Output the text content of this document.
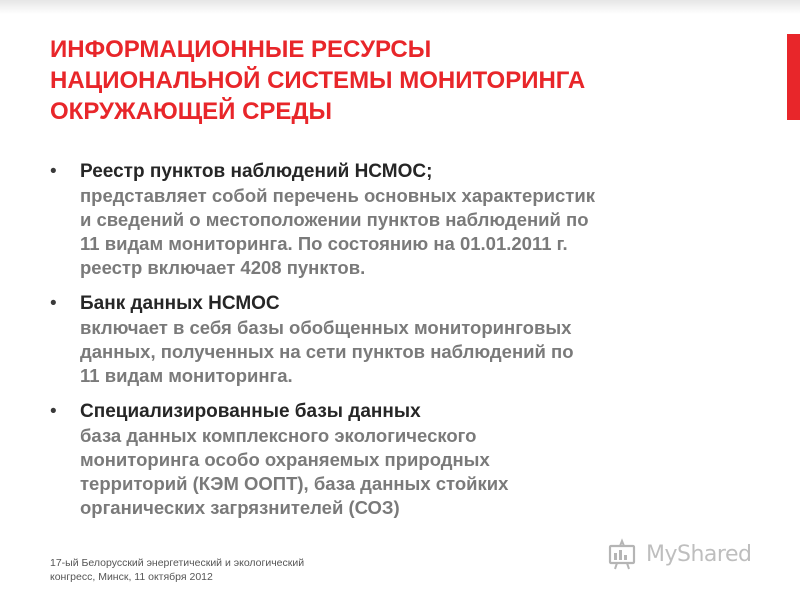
ИНФОРМАЦИОННЫЕ РЕСУРСЫ
НАЦИОНАЛЬНОЙ СИСТЕМЫ МОНИТОРИНГА
ОКРУЖАЮЩЕЙ СРЕДЫ
• Реестр пунктов наблюдений НСМОС;
представляет собой перечень основных характеристик
и сведений о местоположении пунктов наблюдений по
11 видам мониторинга. По состоянию на 01.01.2011 г.
реестр включает 4208 пунктов.
• Банк данных НСМОС
включает в себя базы обобщенных мониторинговых
данных, полученных на сети пунктов наблюдений по
11 видам мониторинга.
• Специализированные базы данных
база данных комплексного экологического
мониторинга особо охраняемых природных
территорий (КЭМ ООПТ), база данных стойких
органических загрязнителей (СОЗ)
17-ый Белорусский энергетический и экологический
конгресс, Минск, 11 октября 2012
MyShared
